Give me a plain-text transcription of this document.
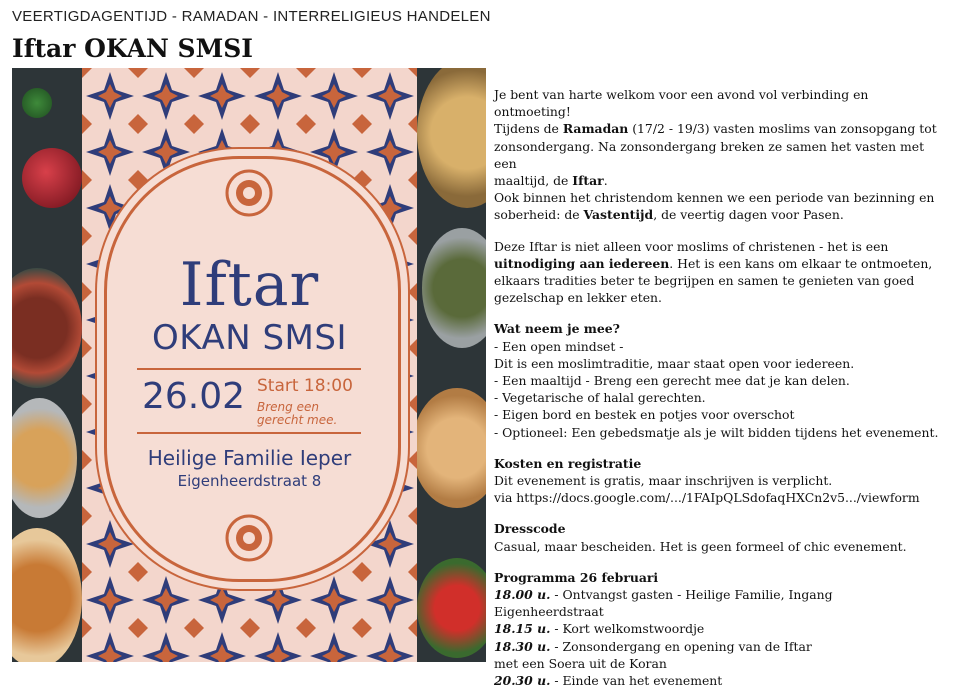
VEERTIGDAGENTIJD - RAMADAN - INTERRELIGIEUS HANDELEN
Iftar OKAN SMSI
Iftar
OKAN SMSI
26.02 Start 18:00
Breng een gerecht mee.
Heilige Familie Ieper
Eigenheerdstraat 8

Je bent van harte welkom voor een avond vol verbinding en ontmoeting!

Tijdens de Ramadan (17/2 - 19/3) vasten moslims van zonsopgang tot

zonsondergang. Na zonsondergang breken ze samen het vasten met een

maaltijd, de Iftar.

Ook binnen het christendom kennen we een periode van bezinning en

soberheid: de Vastentijd, de veertig dagen voor Pasen.

Deze Iftar is niet alleen voor moslims of christenen - het is een

uitnodiging aan iedereen. Het is een kans om elkaar te ontmoeten,

elkaars tradities beter te begrijpen en samen te genieten van goed

gezelschap en lekker eten.

Wat neem je mee?

- Een open mindset -

Dit is een moslimtraditie, maar staat open voor iedereen.

- Een maaltijd - Breng een gerecht mee dat je kan delen.

- Vegetarische of halal gerechten.

- Eigen bord en bestek en potjes voor overschot

- Optioneel: Een gebedsmatje als je wilt bidden tijdens het evenement.

Kosten en registratie

Dit evenement is gratis, maar inschrijven is verplicht.

via https://docs.google.com/.../1FAIpQLSdofaqHXCn2v5.../viewform

Dresscode

Casual, maar bescheiden. Het is geen formeel of chic evenement.

Programma 26 februari

18.00 u. - Ontvangst gasten - Heilige Familie, Ingang Eigenheerdstraat

18.15 u. - Kort welkomstwoordje

18.30 u. - Zonsondergang en opening van de Iftar

met een Soera uit de Koran

20.30 u. - Einde van het evenement
